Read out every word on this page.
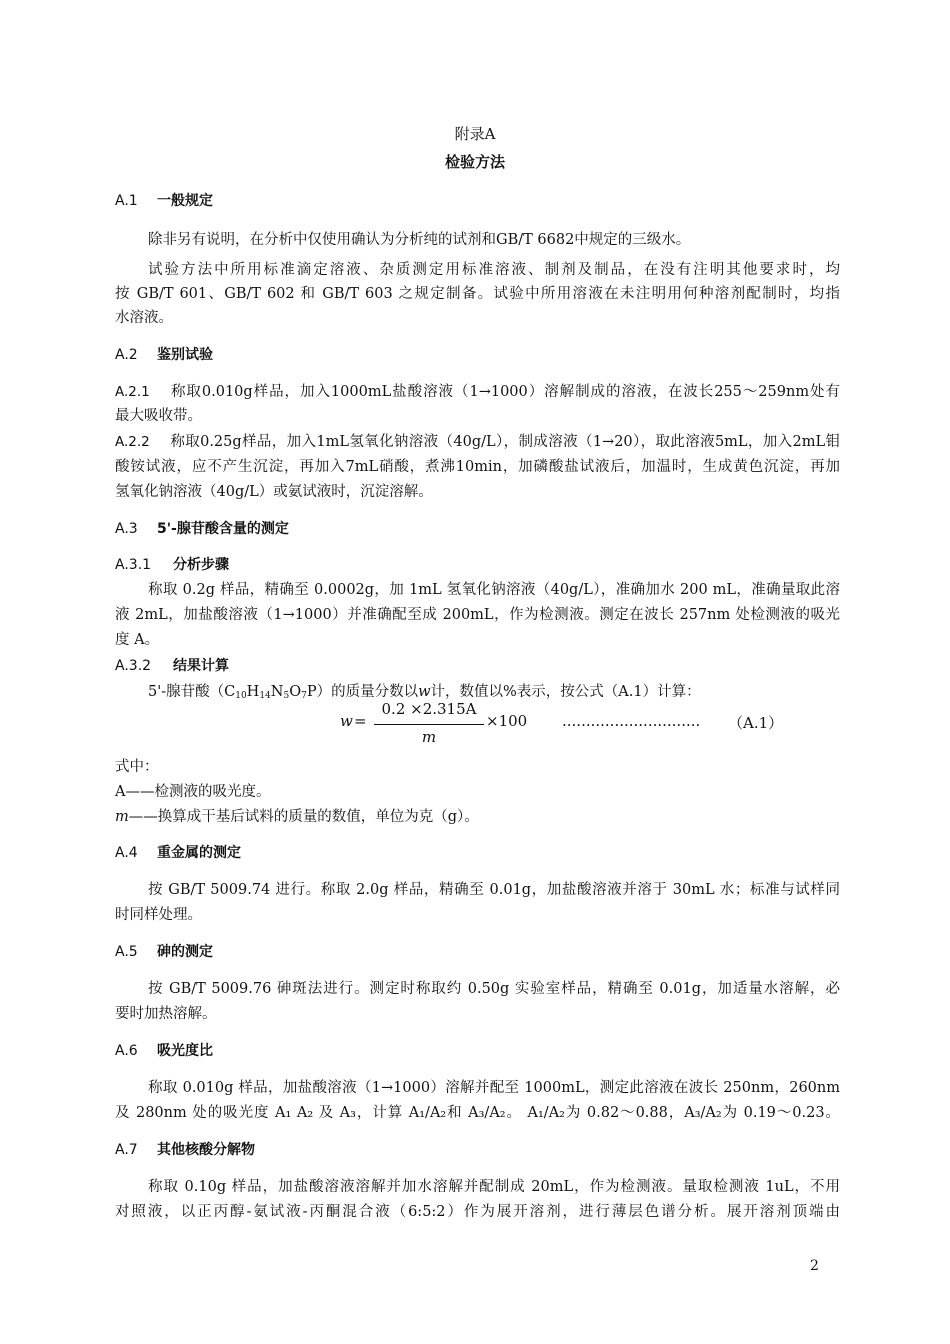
附录A
检验方法
A.1 一般规定
除非另有说明，在分析中仅使用确认为分析纯的试剂和GB/T 6682中规定的三级水。
试验方法中所用标准滴定溶液、杂质测定用标准溶液、制剂及制品，在没有注明其他要求时，均
按 GB/T 601、GB/T 602 和 GB/T 603 之规定制备。试验中所用溶液在未注明用何种溶剂配制时，均指
水溶液。
A.2 鉴别试验
A.2.1 称取0.010g样品，加入1000mL盐酸溶液（1→1000）溶解制成的溶液，在波长255～259nm处有
最大吸收带。
A.2.2 称取0.25g样品，加入1mL氢氧化钠溶液（40g/L），制成溶液（1→20），取此溶液5mL，加入2mL钼
酸铵试液，应不产生沉淀，再加入7mL硝酸，煮沸10min，加磷酸盐试液后，加温时，生成黄色沉淀，再加
氢氧化钠溶液（40g/L）或氨试液时，沉淀溶解。
A.3 5'-腺苷酸含量的测定
A.3.1 分析步骤
称取 0.2g 样品，精确至 0.0002g，加 1mL 氢氧化钠溶液（40g/L），准确加水 200 mL，准确量取此溶
液 2mL，加盐酸溶液（1→1000）并准确配至成 200mL，作为检测液。测定在波长 257nm 处检测液的吸光
度 A。
A.3.2 结果计算
5'-腺苷酸$(C_{10}H_{14}N_5O_7P)$的质量分数以w计，数值以%表示，按公式（A.1）计算：
w =
0.2 ×2.315A
m
×100 ............................. （A.1）
式中：
A——检测液的吸光度。
m——换算成干基后试料的质量的数值，单位为克（g）。
A.4 重金属的测定
按 GB/T 5009.74 进行。称取 2.0g 样品，精确至 0.01g，加盐酸溶液并溶于 30mL 水；标准与试样同
时同样处理。
A.5 砷的测定
按 GB/T 5009.76 砷斑法进行。测定时称取约 0.50g 实验室样品，精确至 0.01g，加适量水溶解，必
要时加热溶解。
A.6 吸光度比
称取 0.010g 样品，加盐酸溶液（1→1000）溶解并配至 1000mL，测定此溶液在波长 250nm，260nm
及 280nm 处的吸光度 A₁ A₂ 及 A₃，计算 A₁/A₂和 A₃/A₂。 A₁/A₂为 0.82～0.88，A₃/A₂为 0.19～0.23。
A.7 其他核酸分解物
称取 0.10g 样品，加盐酸溶液溶解并加水溶解并配制成 20mL，作为检测液。量取检测液 1uL，不用
对照液，以正丙醇-氨试液-丙酮混合液（6:5:2）作为展开溶剂，进行薄层色谱分析。展开溶剂顶端由
2
